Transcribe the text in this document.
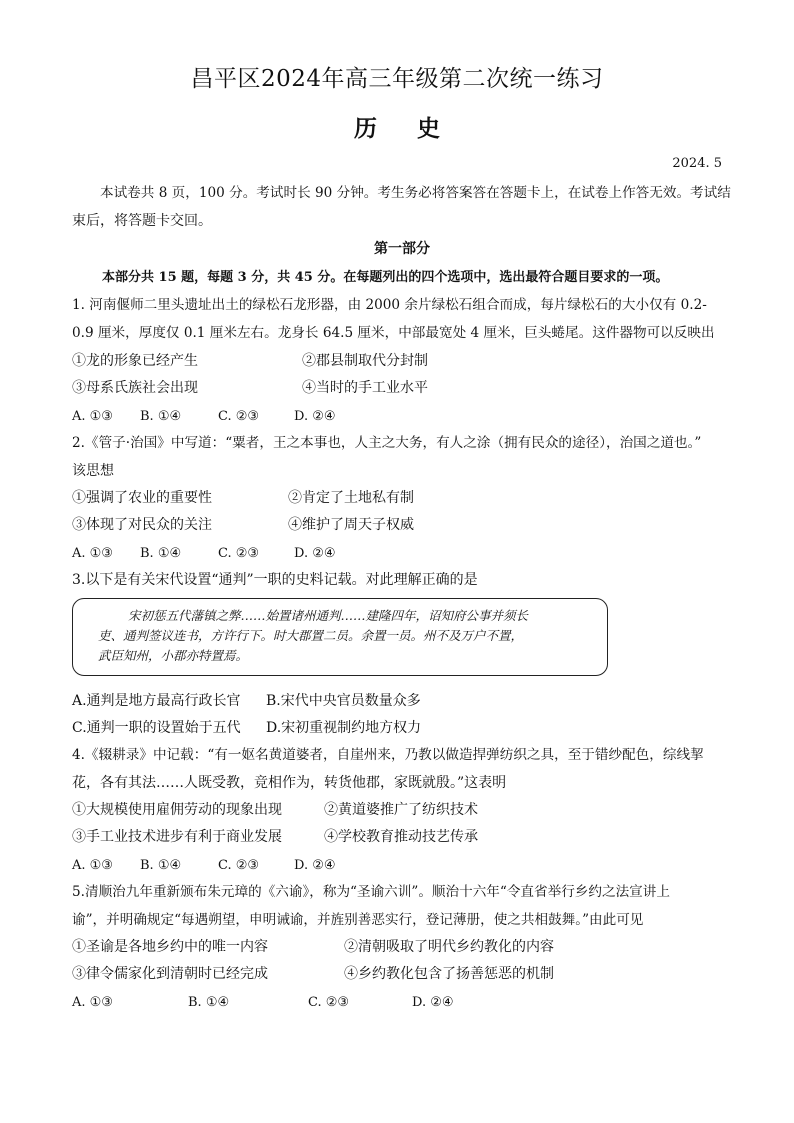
昌平区2024年高三年级第二次统一练习
历 史
2024. 5
本试卷共 8 页，100 分。考试时长 90 分钟。考生务必将答案答在答题卡上，在试卷上作答无效。考试结
束后，将答题卡交回。
第一部分
本部分共 15 题，每题 3 分，共 45 分。在每题列出的四个选项中，选出最符合题目要求的一项。
1. 河南偃师二里头遗址出土的绿松石龙形器，由 2000 余片绿松石组合而成，每片绿松石的大小仅有 0.2-
0.9 厘米，厚度仅 0.1 厘米左右。龙身长 64.5 厘米，中部最宽处 4 厘米，巨头蜷尾。这件器物可以反映出
①龙的形象已经产生	②郡县制取代分封制
③母系氏族社会出现	④当时的手工业水平
A. ①③ B. ①④	C. ②③	D. ②④
2.《管子·治国》中写道：“粟者，王之本事也，人主之大务，有人之涂（拥有民众的途径），治国之道也。”
该思想
①强调了农业的重要性	②肯定了土地私有制
③体现了对民众的关注	④维护了周天子权威
A. ①③ B. ①④	C. ②③	D. ②④
3.以下是有关宋代设置“通判”一职的史料记载。对此理解正确的是
宋初惩五代藩镇之弊……始置诸州通判……建隆四年，诏知府公事并须长
吏、通判签议连书，方许行下。时大郡置二员。余置一员。州不及万户不置，
武臣知州，小郡亦特置焉。
A.通判是地方最高行政长官 B.宋代中央官员数量众多
C.通判一职的设置始于五代 D.宋初重视制约地方权力
4.《辍耕录》中记载：“有一妪名黄道婆者，自崖州来，乃教以做造捍弹纺织之具，至于错纱配色，综线挈
花，各有其法……人既受教，竞相作为，转货他郡，家既就殷。”这表明
①大规模使用雇佣劳动的现象出现	②黄道婆推广了纺织技术
③手工业技术进步有利于商业发展	④学校教育推动技艺传承
A. ①③ B. ①④	C. ②③	D. ②④
5.清顺治九年重新颁布朱元璋的《六谕》，称为“圣谕六训”。顺治十六年“令直省举行乡约之法宣讲上
谕”，并明确规定“每遇朔望，申明诫谕，并旌别善恶实行，登记薄册，使之共相鼓舞。”由此可见
①圣谕是各地乡约中的唯一内容	②清朝吸取了明代乡约教化的内容
③律令儒家化到清朝时已经完成	④乡约教化包含了扬善惩恶的机制
A. ①③	B. ①④	C. ②③	D. ②④
